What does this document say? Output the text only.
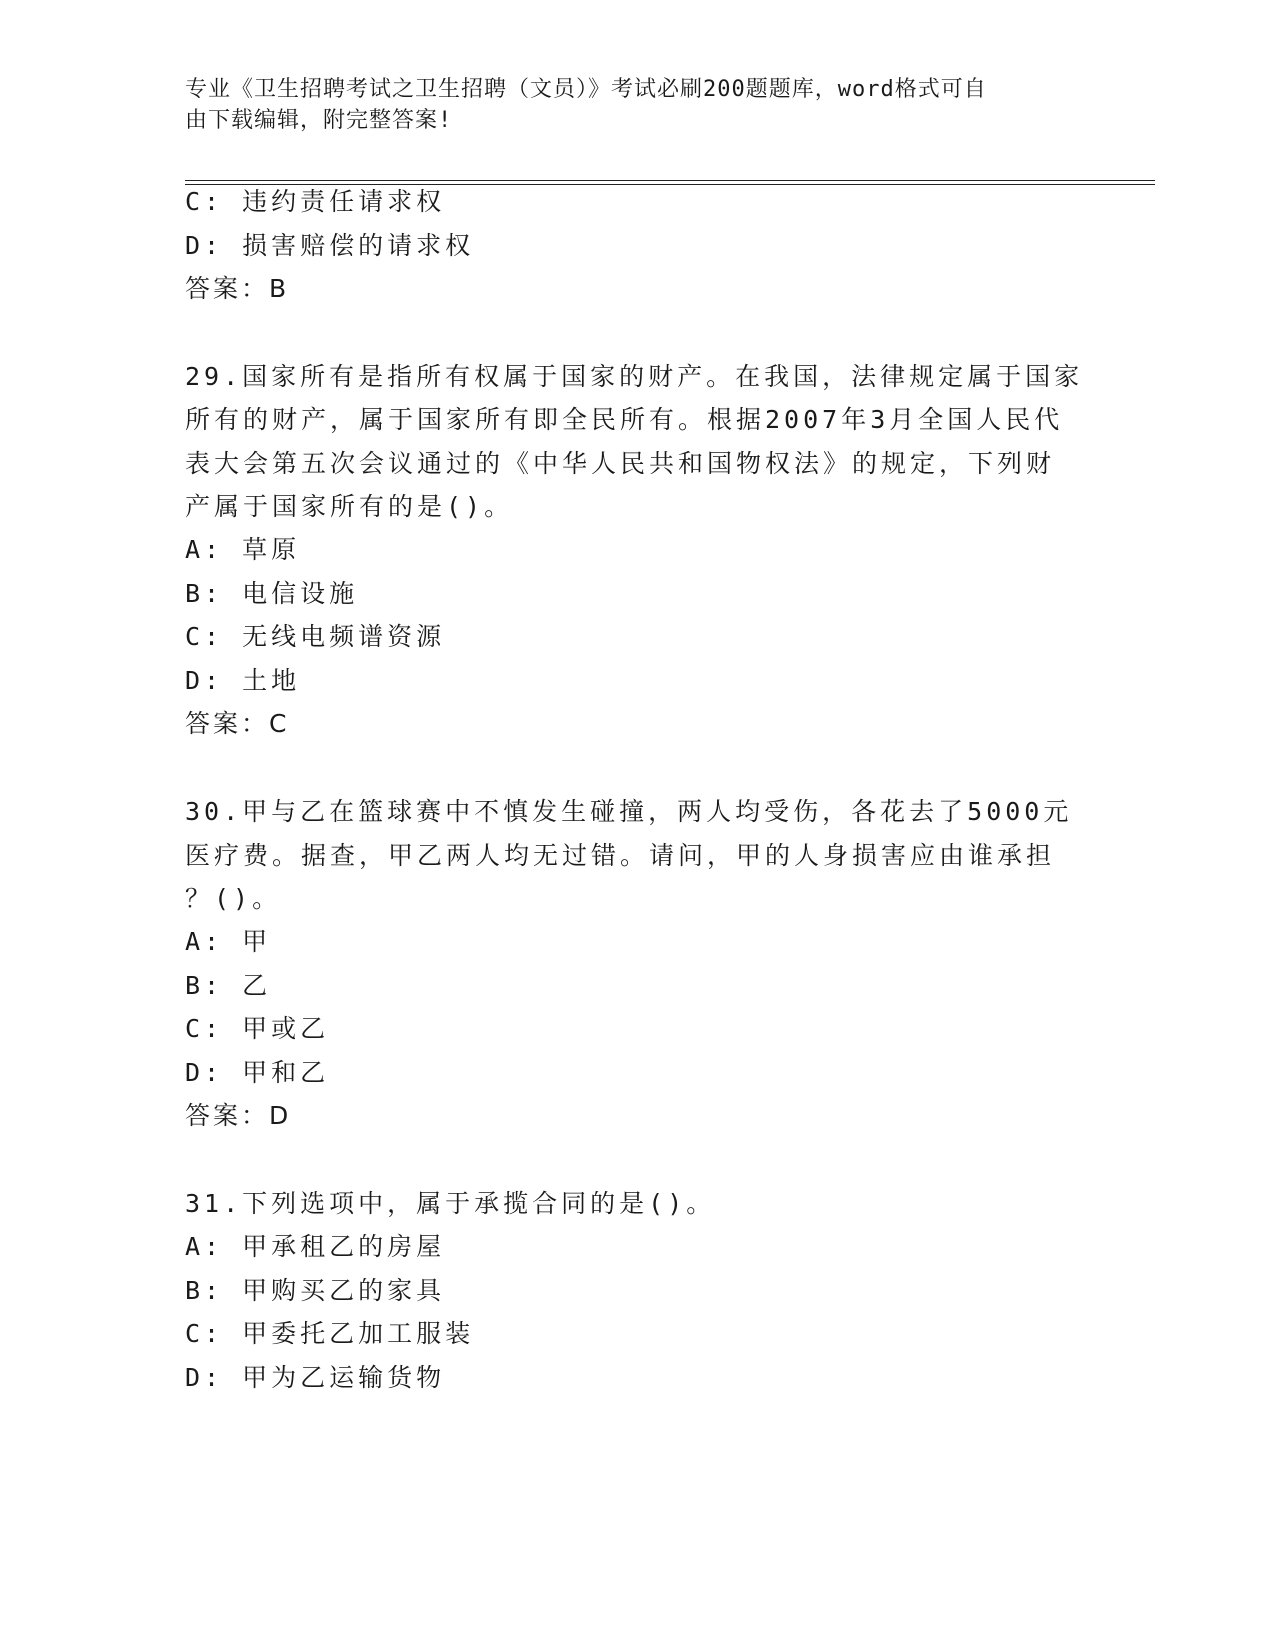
专业《卫生招聘考试之卫生招聘（文员）》考试必刷200题题库，word格式可自
由下载编辑，附完整答案!
C: 违约责任请求权
D: 损害赔偿的请求权
答案：B
29.国家所有是指所有权属于国家的财产。在我国，法律规定属于国家
所有的财产，属于国家所有即全民所有。根据2007年3月全国人民代
表大会第五次会议通过的《中华人民共和国物权法》的规定，下列财
产属于国家所有的是()。
A: 草原
B: 电信设施
C: 无线电频谱资源
D: 土地
答案：C
30.甲与乙在篮球赛中不慎发生碰撞，两人均受伤，各花去了5000元
医疗费。据查，甲乙两人均无过错。请问，甲的人身损害应由谁承担
？()。
A: 甲
B: 乙
C: 甲或乙
D: 甲和乙
答案：D
31.下列选项中，属于承揽合同的是()。
A: 甲承租乙的房屋
B: 甲购买乙的家具
C: 甲委托乙加工服装
D: 甲为乙运输货物
